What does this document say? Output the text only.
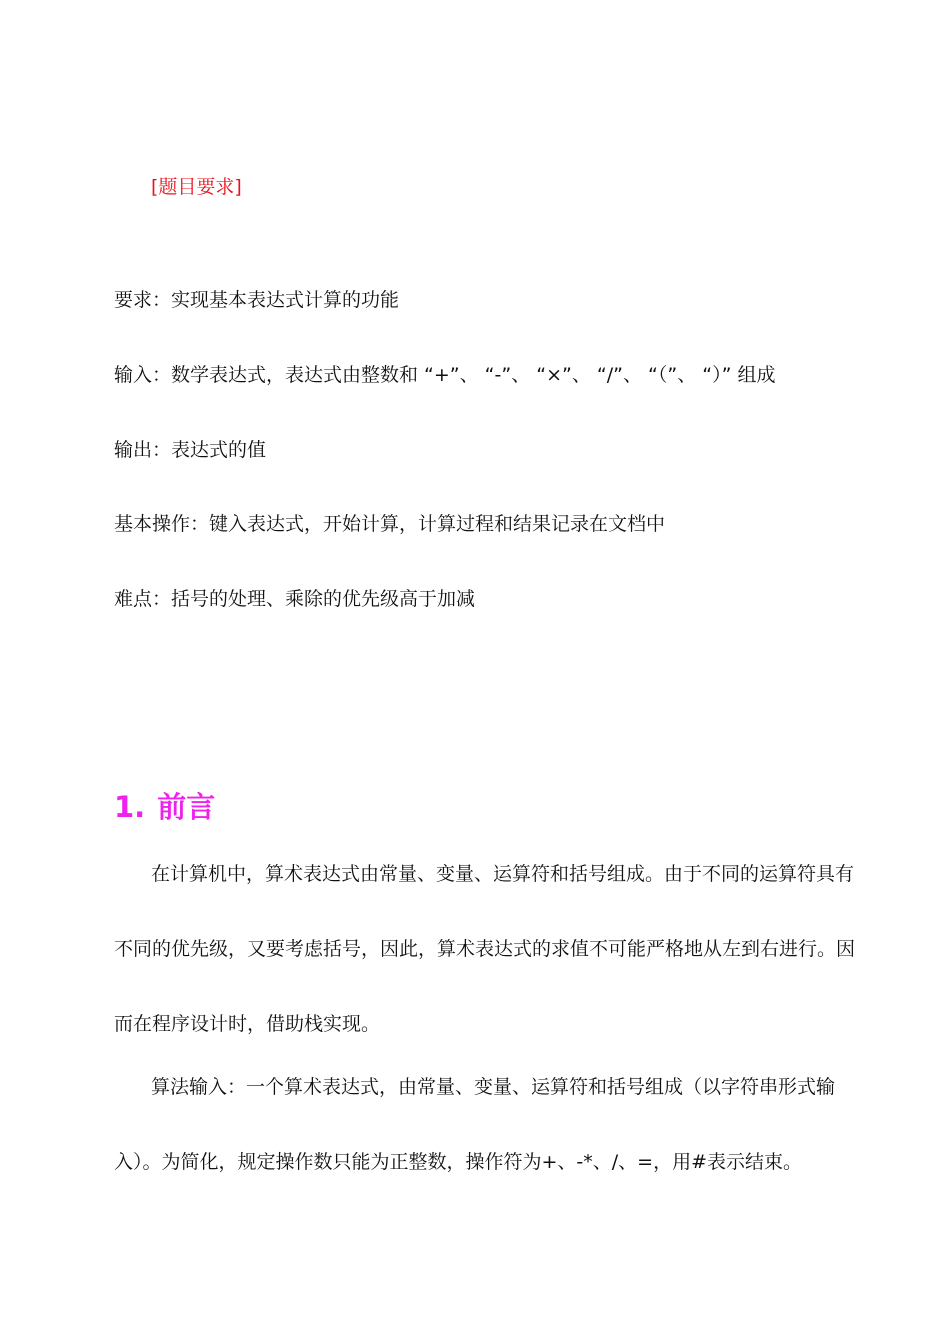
[题目要求]
要求：实现基本表达式计算的功能
输入：数学表达式，表达式由整数和 “+”、 “-”、 “×”、 “/”、 “（”、 “）” 组成
输出：表达式的值
基本操作：键入表达式，开始计算，计算过程和结果记录在文档中
难点：括号的处理、乘除的优先级高于加减
1. 前言
在计算机中，算术表达式由常量、变量、运算符和括号组成。由于不同的运算符具有
不同的优先级，又要考虑括号，因此，算术表达式的求值不可能严格地从左到右进行。因
而在程序设计时，借助栈实现。
算法输入：一个算术表达式，由常量、变量、运算符和括号组成（以字符串形式输
入）。为简化，规定操作数只能为正整数，操作符为+、-*、/、=，用#表示结束。
